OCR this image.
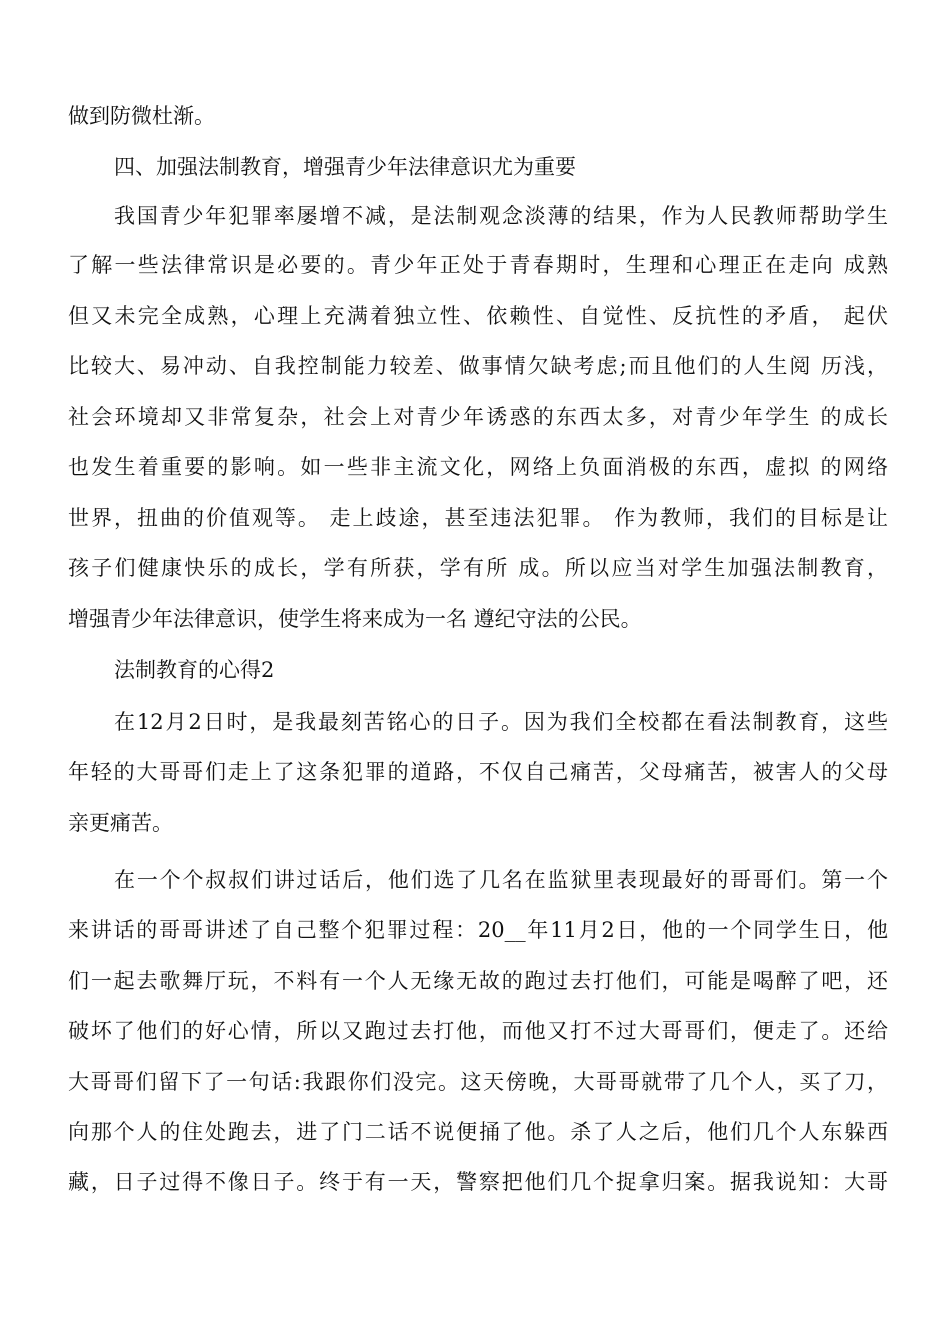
做到防微杜渐。
四、加强法制教育，增强青少年法律意识尤为重要
我国青少年犯罪率屡增不减，是法制观念淡薄的结果，作为人民教师帮助学生
了解一些法律常识是必要的。青少年正处于青春期时，生理和心理正在走向 成熟
但又未完全成熟，心理上充满着独立性、依赖性、自觉性、反抗性的矛盾， 起伏
比较大、易冲动、自我控制能力较差、做事情欠缺考虑;而且他们的人生阅 历浅，
社会环境却又非常复杂，社会上对青少年诱惑的东西太多，对青少年学生 的成长
也发生着重要的影响。如一些非主流文化，网络上负面消极的东西，虚拟 的网络
世界，扭曲的价值观等。 走上歧途，甚至违法犯罪。 作为教师，我们的目标是让
孩子们健康快乐的成长，学有所获，学有所 成。所以应当对学生加强法制教育，
增强青少年法律意识，使学生将来成为一名 遵纪守法的公民。
法制教育的心得2
在12月2日时，是我最刻苦铭心的日子。因为我们全校都在看法制教育，这些
年轻的大哥哥们走上了这条犯罪的道路，不仅自己痛苦，父母痛苦，被害人的父母
亲更痛苦。
在一个个叔叔们讲过话后，他们选了几名在监狱里表现最好的哥哥们。第一个
来讲话的哥哥讲述了自己整个犯罪过程：20__年11月2日，他的一个同学生日，他
们一起去歌舞厅玩，不料有一个人无缘无故的跑过去打他们，可能是喝醉了吧，还
破坏了他们的好心情，所以又跑过去打他，而他又打不过大哥哥们，便走了。还给
大哥哥们留下了一句话:我跟你们没完。这天傍晚，大哥哥就带了几个人，买了刀，
向那个人的住处跑去，进了门二话不说便捅了他。杀了人之后，他们几个人东躲西
藏，日子过得不像日子。终于有一天，警察把他们几个捉拿归案。据我说知：大哥
